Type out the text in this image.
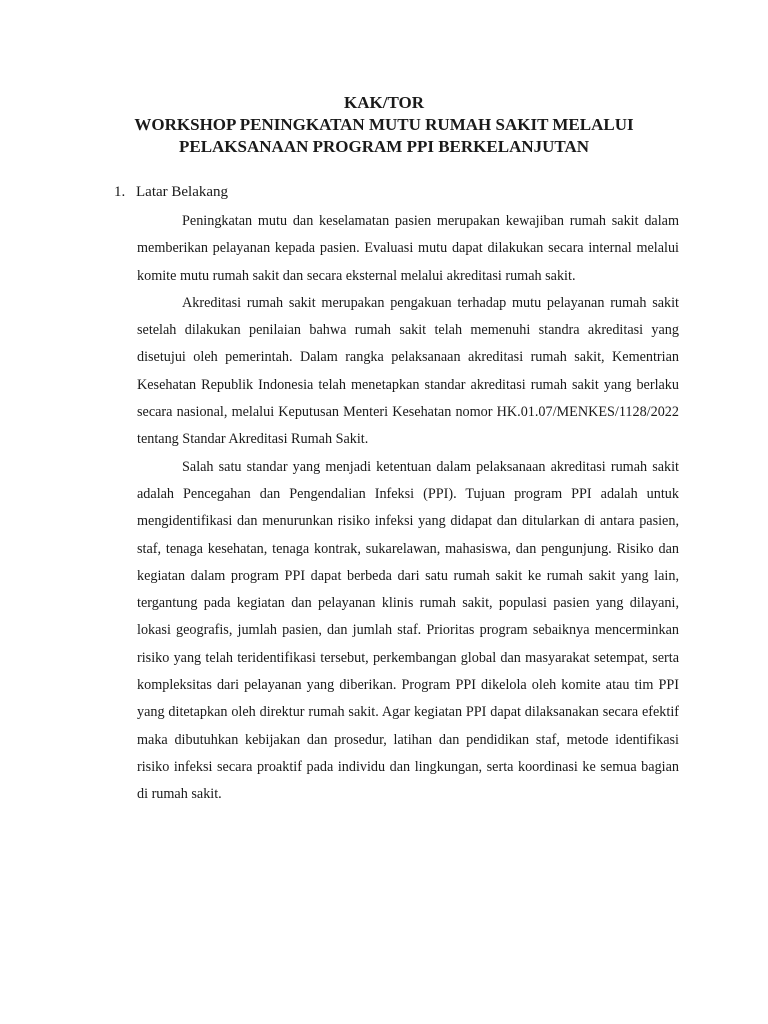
KAK/TOR
WORKSHOP PENINGKATAN MUTU RUMAH SAKIT MELALUI
PELAKSANAAN PROGRAM PPI BERKELANJUTAN
1. Latar Belakang

Peningkatan mutu dan keselamatan pasien merupakan kewajiban rumah sakit dalam memberikan pelayanan kepada pasien. Evaluasi mutu dapat dilakukan secara internal melalui komite mutu rumah sakit dan secara eksternal melalui akreditasi rumah sakit.

Akreditasi rumah sakit merupakan pengakuan terhadap mutu pelayanan rumah sakit setelah dilakukan penilaian bahwa rumah sakit telah memenuhi standra akreditasi yang disetujui oleh pemerintah. Dalam rangka pelaksanaan akreditasi rumah sakit, Kementrian Kesehatan Republik Indonesia telah menetapkan standar akreditasi rumah sakit yang berlaku secara nasional, melalui Keputusan Menteri Kesehatan nomor HK.01.07/MENKES/1128/2022 tentang Standar Akreditasi Rumah Sakit.

Salah satu standar yang menjadi ketentuan dalam pelaksanaan akreditasi rumah sakit adalah Pencegahan dan Pengendalian Infeksi (PPI). Tujuan program PPI adalah untuk mengidentifikasi dan menurunkan risiko infeksi yang didapat dan ditularkan di antara pasien, staf, tenaga kesehatan, tenaga kontrak, sukarelawan, mahasiswa, dan pengunjung. Risiko dan kegiatan dalam program PPI dapat berbeda dari satu rumah sakit ke rumah sakit yang lain, tergantung pada kegiatan dan pelayanan klinis rumah sakit, populasi pasien yang dilayani, lokasi geografis, jumlah pasien, dan jumlah staf. Prioritas program sebaiknya mencerminkan risiko yang telah teridentifikasi tersebut, perkembangan global dan masyarakat setempat, serta kompleksitas dari pelayanan yang diberikan. Program PPI dikelola oleh komite atau tim PPI yang ditetapkan oleh direktur rumah sakit. Agar kegiatan PPI dapat dilaksanakan secara efektif maka dibutuhkan kebijakan dan prosedur, latihan dan pendidikan staf, metode identifikasi risiko infeksi secara proaktif pada individu dan lingkungan, serta koordinasi ke semua bagian di rumah sakit.
